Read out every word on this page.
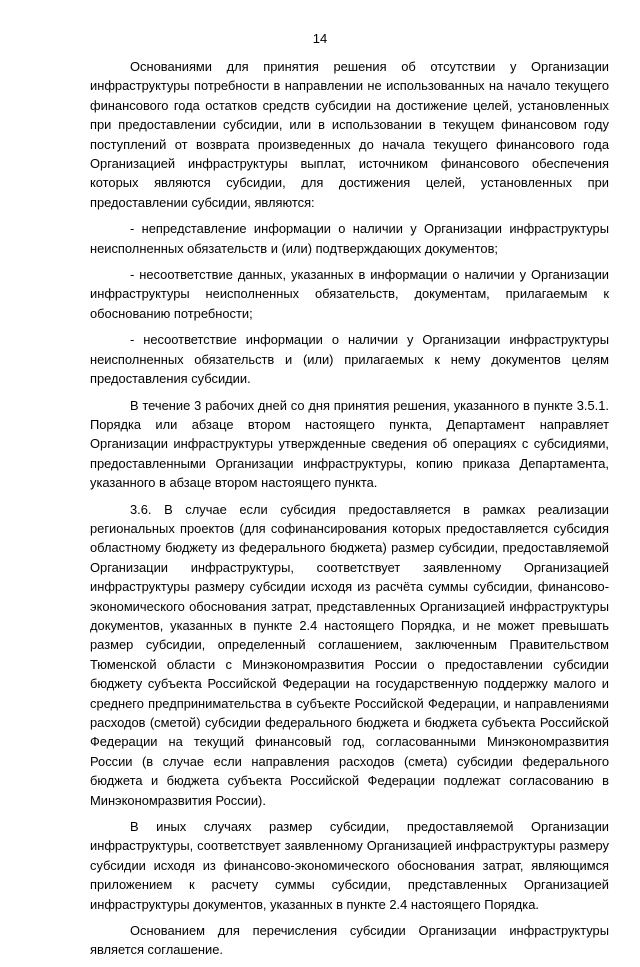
14

Основаниями для принятия решения об отсутствии у Организации инфраструктуры потребности в направлении не использованных на начало текущего финансового года остатков средств субсидии на достижение целей, установленных при предоставлении субсидии, или в использовании в текущем финансовом году поступлений от возврата произведенных до начала текущего финансового года Организацией инфраструктуры выплат, источником финансового обеспечения которых являются субсидии, для достижения целей, установленных при предоставлении субсидии, являются:

- непредставление информации о наличии у Организации инфраструктуры неисполненных обязательств и (или) подтверждающих документов;

- несоответствие данных, указанных в информации о наличии у Организации инфраструктуры неисполненных обязательств, документам, прилагаемым к обоснованию потребности;

- несоответствие информации о наличии у Организации инфраструктуры неисполненных обязательств и (или) прилагаемых к нему документов целям предоставления субсидии.

В течение 3 рабочих дней со дня принятия решения, указанного в пункте 3.5.1. Порядка или абзаце втором настоящего пункта, Департамент направляет Организации инфраструктуры утвержденные сведения об операциях с субсидиями, предоставленными Организации инфраструктуры, копию приказа Департамента, указанного в абзаце втором настоящего пункта.

3.6. В случае если субсидия предоставляется в рамках реализации региональных проектов (для софинансирования которых предоставляется субсидия областному бюджету из федерального бюджета) размер субсидии, предоставляемой Организации инфраструктуры, соответствует заявленному Организацией инфраструктуры размеру субсидии исходя из расчёта суммы субсидии, финансово-экономического обоснования затрат, представленных Организацией инфраструктуры документов, указанных в пункте 2.4 настоящего Порядка, и не может превышать размер субсидии, определенный соглашением, заключенным Правительством Тюменской области с Минэкономразвития России о предоставлении субсидии бюджету субъекта Российской Федерации на государственную поддержку малого и среднего предпринимательства в субъекте Российской Федерации, и направлениями расходов (сметой) субсидии федерального бюджета и бюджета субъекта Российской Федерации на текущий финансовый год, согласованными Минэкономразвития России (в случае если направления расходов (смета) субсидии федерального бюджета и бюджета субъекта Российской Федерации подлежат согласованию в Минэкономразвития России).

В иных случаях размер субсидии, предоставляемой Организации инфраструктуры, соответствует заявленному Организацией инфраструктуры размеру субсидии исходя из финансово-экономического обоснования затрат, являющимся приложением к расчету суммы субсидии, представленных Организацией инфраструктуры документов, указанных в пункте 2.4 настоящего Порядка.

Основанием для перечисления субсидии Организации инфраструктуры является соглашение.
